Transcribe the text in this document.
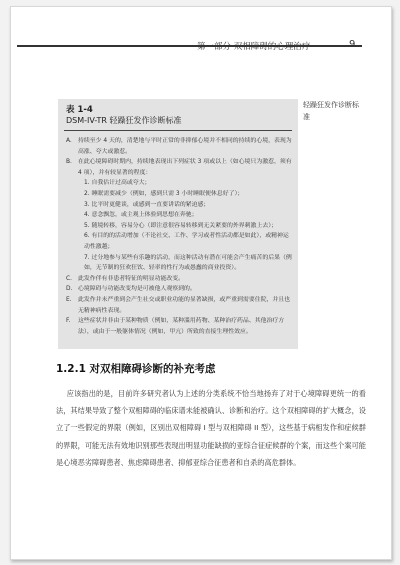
第一部分 双相障碍的心理治疗	9
表 1-4
DSM-IV-TR 轻躁狂发作诊断标准
A.	持续至少 4 天的，清楚地与平时正常的非抑郁心境并不相同的持续的心境，表现为高涨、夸大或激惹。
B.	在此心境障碍时期内，持续地表现出下列症状 3 项或以上（如心境只为激惹，须有 4 项），并有较显著的程度：
1. 自我估计过高或夸大；
2. 睡眠需要减少（例如，感到只需 3 小时睡眠便休息好了）；
3. 比平时更健谈，或感到一直要讲话的紧迫感；
4. 意念飘忽，或主观上体验到思想在奔驰；
5. 随境转移，容易分心（即注意很容易转移到无关紧要的外界刺激上去）；
6. 有目的的活动增加（不论社交、工作、学习或者性活动都是如此），或精神运动性激越；
7. 过分地参与某些有乐趣的活动，而这种活动有潜在可能会产生痛苦的后果（例如，无节制的狂欢狂饮、轻率的性行为或愚蠢的商业投资）。
C.	此发作伴有非患者特征的明显功能改变。
D. 心境障碍与功能改变均是可被他人观察到的。
E.	此发作并未严重到会产生社交或职业功能的显著缺损，或严重到需要住院，并且也无精神病性表现。
F.	这些症状并非由于某种物质（例如，某种滥用药物、某种治疗药品、其他治疗方法），或由于一般躯体情况（例如，甲亢）所致的直接生理性效应。
轻躁狂发作诊断标准
1.2.1 对双相障碍诊断的补充考虑

应该指出的是，目前许多研究者认为上述的分类系统不恰当地扬弃了对于心境障碍更统一的看法，其结果导致了整个双相障碍的临床谱未能被确认、诊断和治疗。这个双相障碍的扩大概念，设立了一些假定的界限（例如，区别出双相障碍 I 型与双相障碍 II 型），这些基于病相发作和症候群的界限，可能无法有效地识别那些表现出明显功能缺损的亚综合征症候群的个案，而这些个案可能是心境恶劣障碍患者、焦虑障碍患者、抑郁亚综合征患者和自杀的高危群体。
